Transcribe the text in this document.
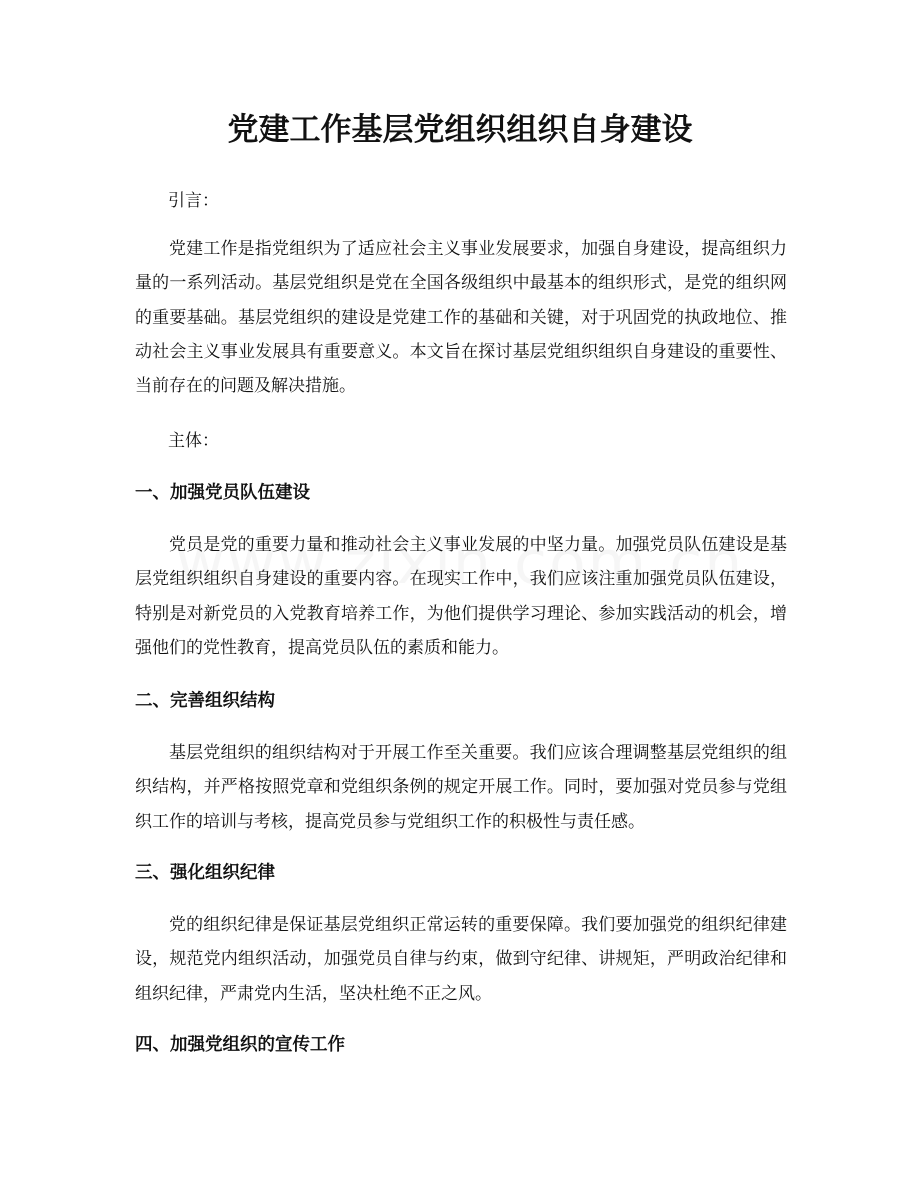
党建工作基层党组织组织自身建设

引言：

党建工作是指党组织为了适应社会主义事业发展要求，加强自身建设，提高组织力量的一系列活动。基层党组织是党在全国各级组织中最基本的组织形式，是党的组织网的重要基础。基层党组织的建设是党建工作的基础和关键，对于巩固党的执政地位、推动社会主义事业发展具有重要意义。本文旨在探讨基层党组织组织自身建设的重要性、当前存在的问题及解决措施。

主体：

一、加强党员队伍建设

党员是党的重要力量和推动社会主义事业发展的中坚力量。加强党员队伍建设是基层党组织组织自身建设的重要内容。在现实工作中，我们应该注重加强党员队伍建设，特别是对新党员的入党教育培养工作，为他们提供学习理论、参加实践活动的机会，增强他们的党性教育，提高党员队伍的素质和能力。

二、完善组织结构

基层党组织的组织结构对于开展工作至关重要。我们应该合理调整基层党组织的组织结构，并严格按照党章和党组织条例的规定开展工作。同时，要加强对党员参与党组织工作的培训与考核，提高党员参与党组织工作的积极性与责任感。

三、强化组织纪律

党的组织纪律是保证基层党组织正常运转的重要保障。我们要加强党的组织纪律建设，规范党内组织活动，加强党员自律与约束，做到守纪律、讲规矩，严明政治纪律和组织纪律，严肃党内生活，坚决杜绝不正之风。

四、加强党组织的宣传工作
